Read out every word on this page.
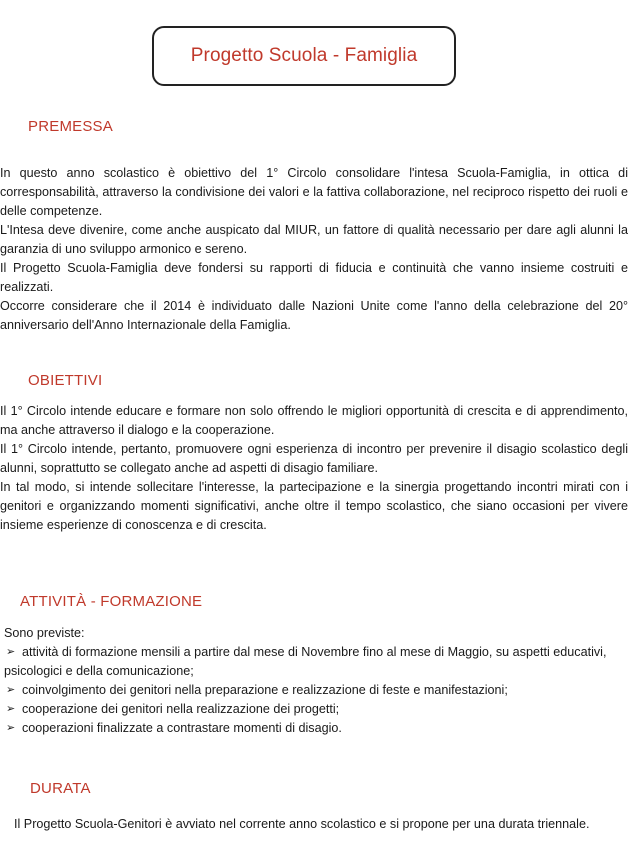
Progetto Scuola - Famiglia
PREMESSA

In questo anno scolastico è obiettivo del 1° Circolo consolidare l'intesa Scuola-Famiglia, in ottica di corresponsabilità, attraverso la condivisione dei valori e la fattiva collaborazione, nel reciproco rispetto dei ruoli e delle competenze.

L'Intesa deve divenire, come anche auspicato dal MIUR, un fattore di qualità necessario per dare agli alunni la garanzia di uno sviluppo armonico e sereno.

Il Progetto Scuola-Famiglia deve fondersi su rapporti di fiducia e continuità che vanno insieme costruiti e realizzati.

Occorre considerare che il 2014 è individuato dalle Nazioni Unite come l'anno della celebrazione del 20° anniversario dell'Anno Internazionale della Famiglia.

OBIETTIVI

Il 1° Circolo intende educare e formare non solo offrendo le migliori opportunità di crescita e di apprendimento, ma anche attraverso il dialogo e la cooperazione.

Il 1° Circolo intende, pertanto, promuovere ogni esperienza di incontro per prevenire il disagio scolastico degli alunni, soprattutto se collegato anche ad aspetti di disagio familiare.

In tal modo, si intende sollecitare l'interesse, la partecipazione e la sinergia progettando incontri mirati con i genitori e organizzando momenti significativi, anche oltre il tempo scolastico, che siano occasioni per vivere insieme esperienze di conoscenza e di crescita.

ATTIVITÀ - FORMAZIONE

Sono previste:

➢ attività di formazione mensili a partire dal mese di Novembre fino al mese di Maggio, su aspetti educativi, psicologici e della comunicazione;
➢ coinvolgimento dei genitori nella preparazione e realizzazione di feste e manifestazioni;
➢ cooperazione dei genitori nella realizzazione dei progetti;
➢ cooperazioni finalizzate a contrastare momenti di disagio.
DURATA

Il Progetto Scuola-Genitori è avviato nel corrente anno scolastico e si propone per una durata triennale.
